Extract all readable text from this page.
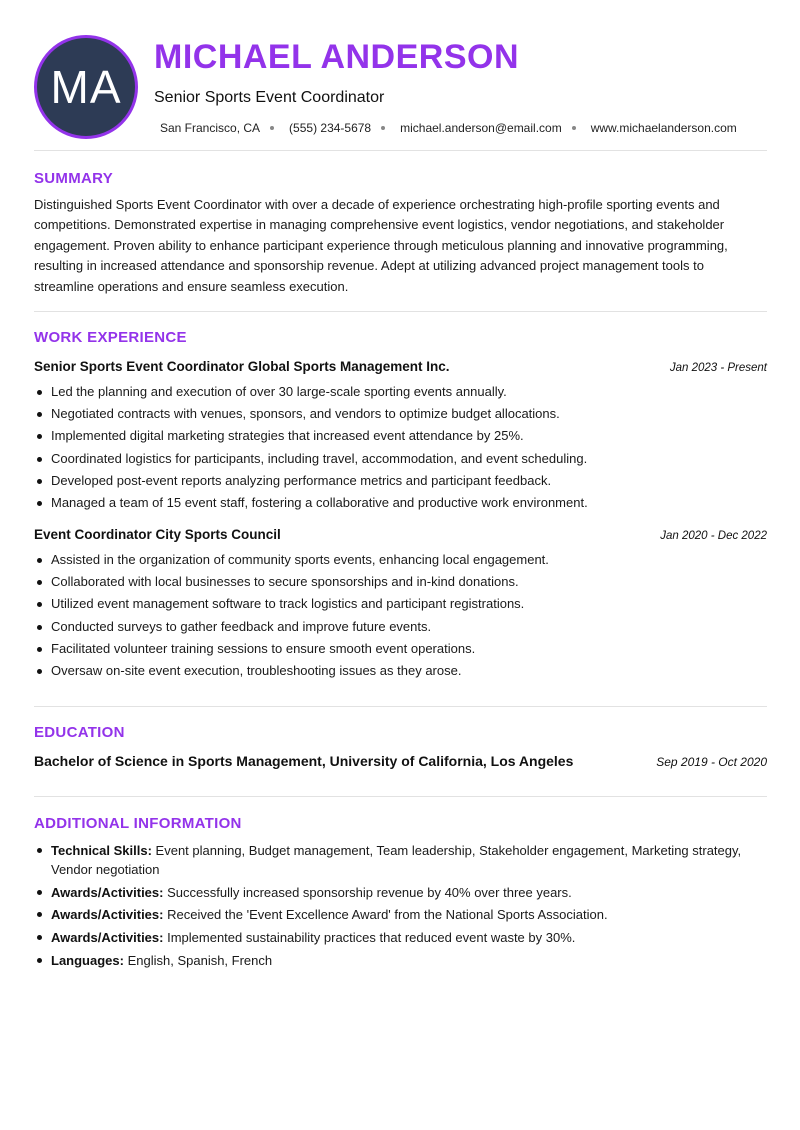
MA
MICHAEL ANDERSON
Senior Sports Event Coordinator
San Francisco, CA (555) 234-5678 michael.anderson@email.com www.michaelanderson.com
SUMMARY

Distinguished Sports Event Coordinator with over a decade of experience orchestrating high-profile sporting events and competitions. Demonstrated expertise in managing comprehensive event logistics, vendor negotiations, and stakeholder engagement. Proven ability to enhance participant experience through meticulous planning and innovative programming, resulting in increased attendance and sponsorship revenue. Adept at utilizing advanced project management tools to streamline operations and ensure seamless execution.

WORK EXPERIENCE
Senior Sports Event Coordinator Global Sports Management Inc.	Jan 2023 - Present
Led the planning and execution of over 30 large-scale sporting events annually.
Negotiated contracts with venues, sponsors, and vendors to optimize budget allocations.
Implemented digital marketing strategies that increased event attendance by 25%.
Coordinated logistics for participants, including travel, accommodation, and event scheduling.
Developed post-event reports analyzing performance metrics and participant feedback.
Managed a team of 15 event staff, fostering a collaborative and productive work environment.
Event Coordinator City Sports Council	Jan 2020 - Dec 2022
Assisted in the organization of community sports events, enhancing local engagement.
Collaborated with local businesses to secure sponsorships and in-kind donations.
Utilized event management software to track logistics and participant registrations.
Conducted surveys to gather feedback and improve future events.
Facilitated volunteer training sessions to ensure smooth event operations.
Oversaw on-site event execution, troubleshooting issues as they arose.
EDUCATION
Bachelor of Science in Sports Management, University of California, Los Angeles	Sep 2019 - Oct 2020
ADDITIONAL INFORMATION
Technical Skills: Event planning, Budget management, Team leadership, Stakeholder engagement, Marketing strategy, Vendor negotiation
Awards/Activities: Successfully increased sponsorship revenue by 40% over three years.
Awards/Activities: Received the 'Event Excellence Award' from the National Sports Association.
Awards/Activities: Implemented sustainability practices that reduced event waste by 30%.
Languages: English, Spanish, French
